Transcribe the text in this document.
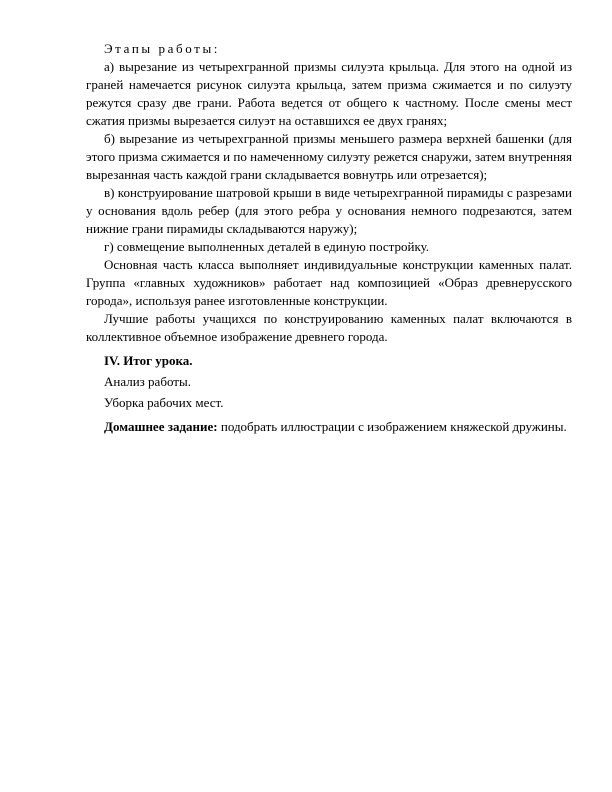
Этапы работы:

а) вырезание из четырехгранной призмы силуэта крыльца. Для этого на одной из граней намечается рисунок силуэта крыльца, затем призма сжимается и по силуэту режутся сразу две грани. Работа ведется от общего к частному. После смены мест сжатия призмы вырезается силуэт на оставшихся ее двух гранях;

б) вырезание из четырехгранной призмы меньшего размера верхней башенки (для этого призма сжимается и по намеченному силуэту режется снаружи, затем внутренняя вырезанная часть каждой грани складывается вовнутрь или отрезается);

в) конструирование шатровой крыши в виде четырехгранной пирамиды с разрезами у основания вдоль ребер (для этого ребра у основания немного подрезаются, затем нижние грани пирамиды складываются наружу);

г) совмещение выполненных деталей в единую постройку.

Основная часть класса выполняет индивидуальные конструкции каменных палат. Группа «главных художников» работает над композицией «Образ древнерусского города», используя ранее изготовленные конструкции.

Лучшие работы учащихся по конструированию каменных палат включаются в коллективное объемное изображение древнего города.

IV. Итог урока.

Анализ работы.

Уборка рабочих мест.

Домашнее задание: подобрать иллюстрации с изображением княжеской дружины.
